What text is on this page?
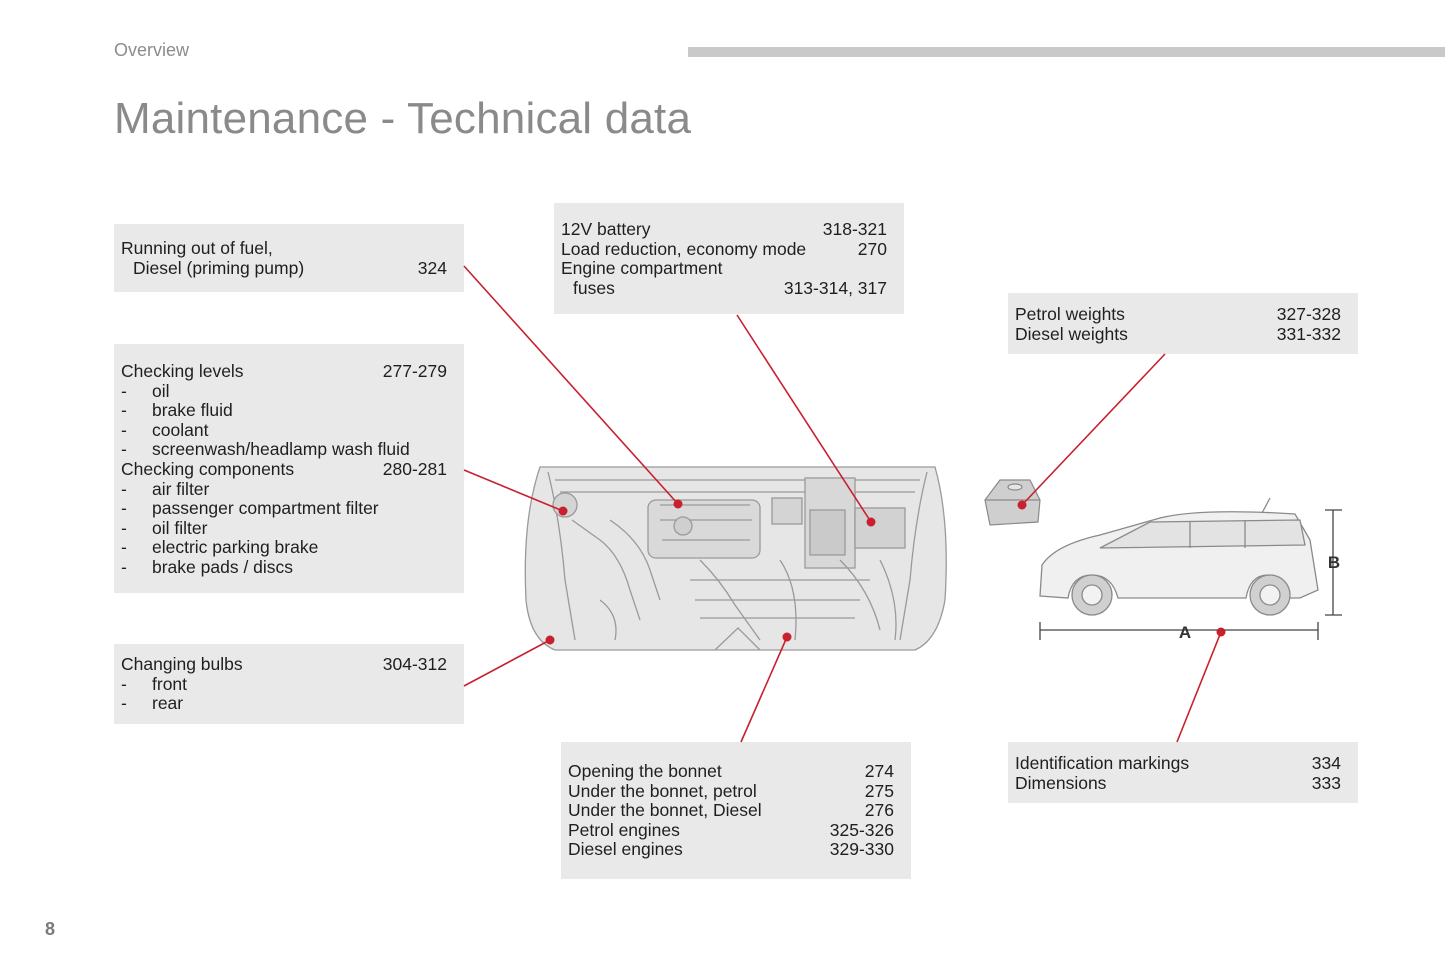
Overview
Maintenance - Technical data
Running out of fuel,
Diesel (priming pump)	324
Checking levels	277-279
-	oil
-	brake fluid
-	coolant
-	screenwash/headlamp wash fluid
Checking components	280-281
-	air filter
-	passenger compartment filter
-	oil filter
-	electric parking brake
-	brake pads / discs
Changing bulbs	304-312
-	front
-	rear
12V battery	318-321
Load reduction, economy mode	270
Engine compartment
fuses	313-314, 317
Opening the bonnet	274
Under the bonnet, petrol	275
Under the bonnet, Diesel	276
Petrol engines	325-326
Diesel engines	329-330
Petrol weights	327-328
Diesel weights	331-332
Identification markings	334
Dimensions	333
A
B
8
